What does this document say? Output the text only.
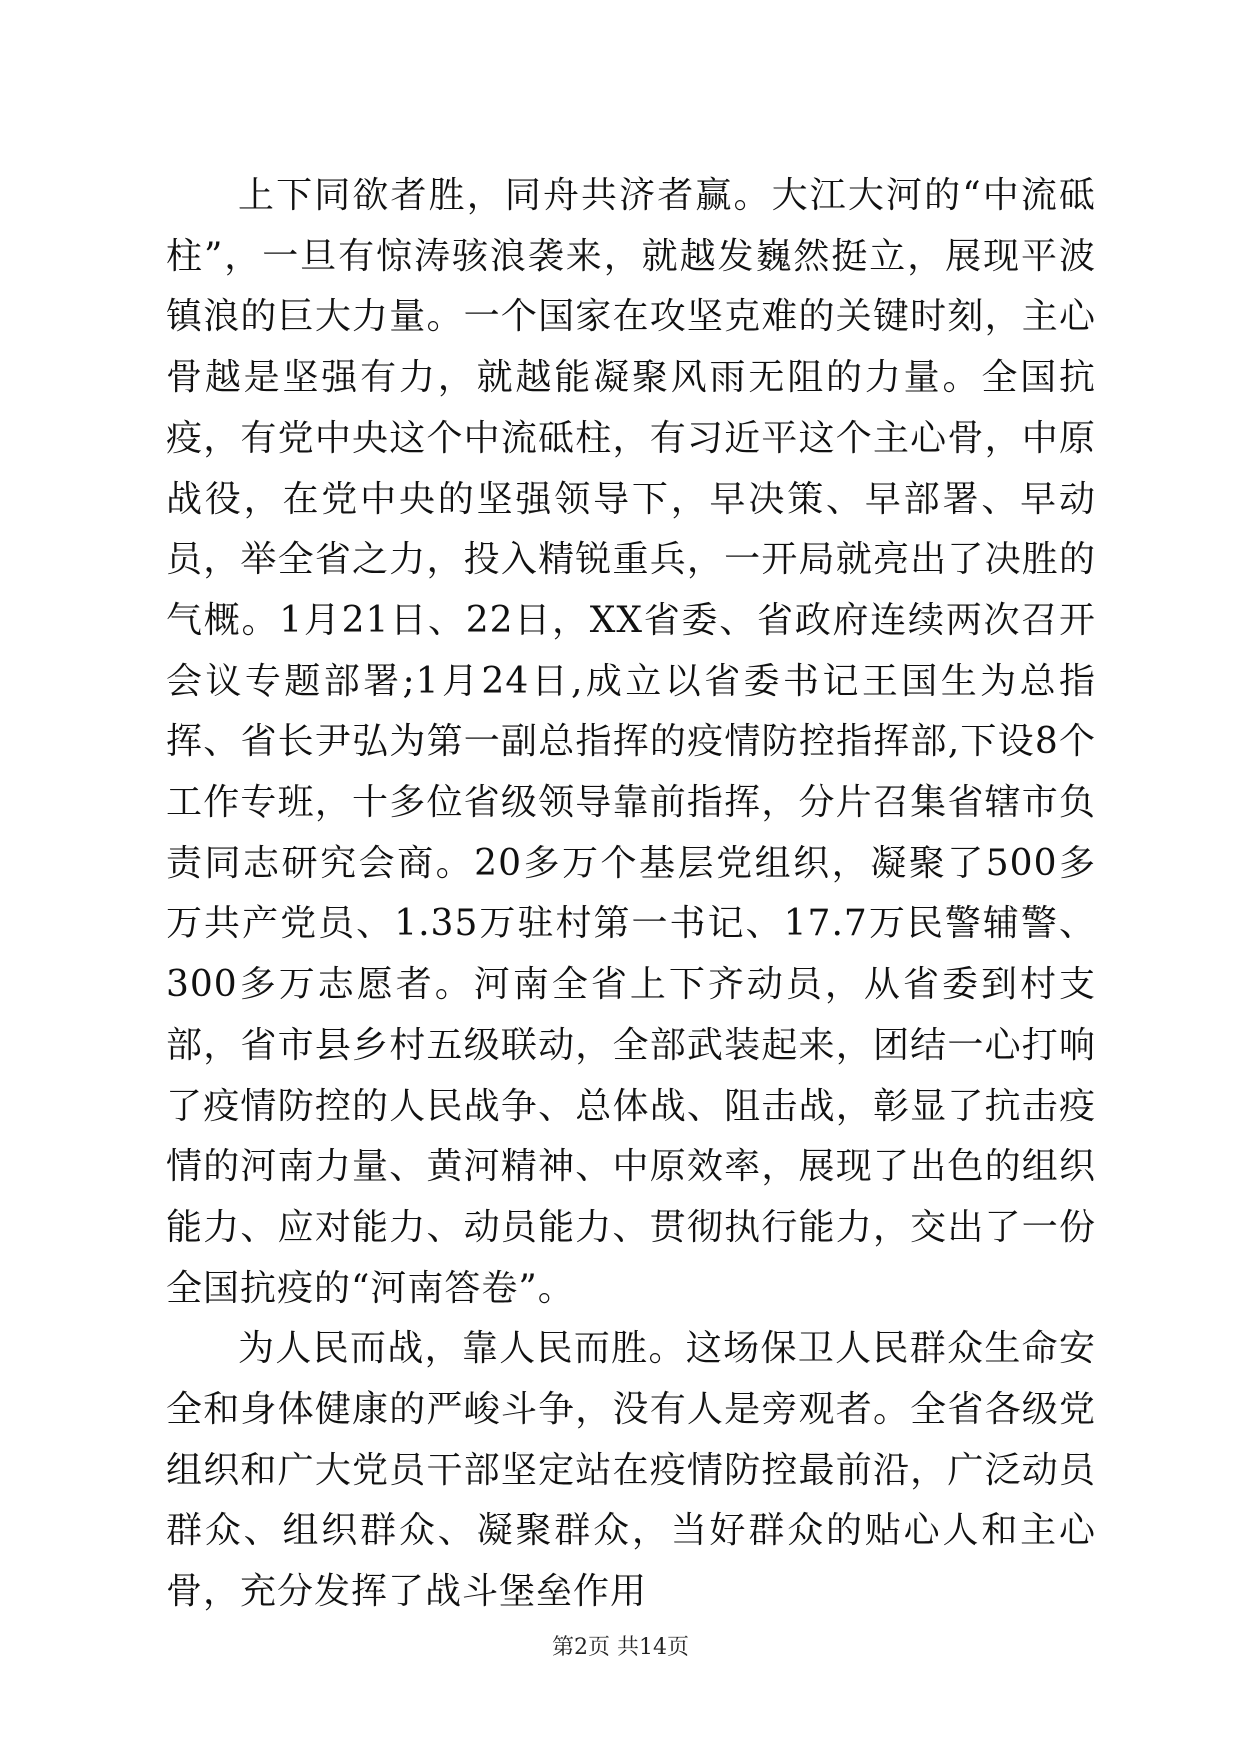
上下同欲者胜，同舟共济者赢。大江大河的“中流砥柱”，一旦有惊涛骇浪袭来，就越发巍然挺立，展现平波镇浪的巨大力量。一个国家在攻坚克难的关键时刻，主心骨越是坚强有力，就越能凝聚风雨无阻的力量。全国抗疫，有党中央这个中流砥柱，有习近平这个主心骨，中原战役，在党中央的坚强领导下，早决策、早部署、早动员，举全省之力，投入精锐重兵，一开局就亮出了决胜的气概。1月21日、22日，XX省委、省政府连续两次召开会议专题部署;1月24日,成立以省委书记王国生为总指挥、省长尹弘为第一副总指挥的疫情防控指挥部,下设8个工作专班，十多位省级领导靠前指挥，分片召集省辖市负责同志研究会商。20多万个基层党组织，凝聚了500多万共产党员、1.35万驻村第一书记、17.7万民警辅警、300多万志愿者。河南全省上下齐动员，从省委到村支部，省市县乡村五级联动，全部武装起来，团结一心打响了疫情防控的人民战争、总体战、阻击战，彰显了抗击疫情的河南力量、黄河精神、中原效率，展现了出色的组织能力、应对能力、动员能力、贯彻执行能力，交出了一份全国抗疫的“河南答卷”。

为人民而战，靠人民而胜。这场保卫人民群众生命安全和身体健康的严峻斗争，没有人是旁观者。全省各级党组织和广大党员干部坚定站在疫情防控最前沿，广泛动员群众、组织群众、凝聚群众，当好群众的贴心人和主心骨，充分发挥了战斗堡垒作用

第2页 共14页
